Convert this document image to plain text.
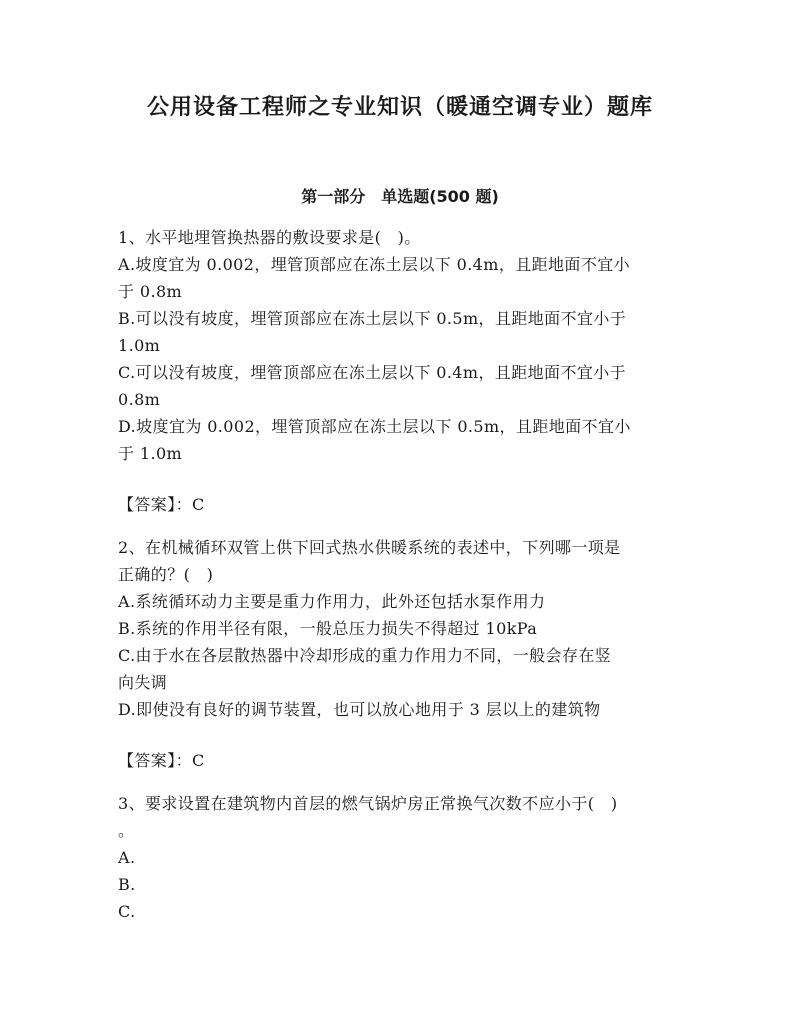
公用设备工程师之专业知识（暖通空调专业）题库
第一部分　单选题(500 题)
1、水平地埋管换热器的敷设要求是(　)。
A.坡度宜为 0.002，埋管顶部应在冻土层以下 0.4m，且距地面不宜小
于 0.8m
B.可以没有坡度，埋管顶部应在冻土层以下 0.5m，且距地面不宜小于
1.0m
C.可以没有坡度，埋管顶部应在冻土层以下 0.4m，且距地面不宜小于
0.8m
D.坡度宜为 0.002，埋管顶部应在冻土层以下 0.5m，且距地面不宜小
于 1.0m
【答案】：C
2、在机械循环双管上供下回式热水供暖系统的表述中，下列哪一项是
正确的？(　)
A.系统循环动力主要是重力作用力，此外还包括水泵作用力
B.系统的作用半径有限，一般总压力损失不得超过 10kPa
C.由于水在各层散热器中冷却形成的重力作用力不同，一般会存在竖
向失调
D.即使没有良好的调节装置，也可以放心地用于 3 层以上的建筑物
【答案】：C
3、要求设置在建筑物内首层的燃气锅炉房正常换气次数不应小于(　)
。
A.
B.
C.
